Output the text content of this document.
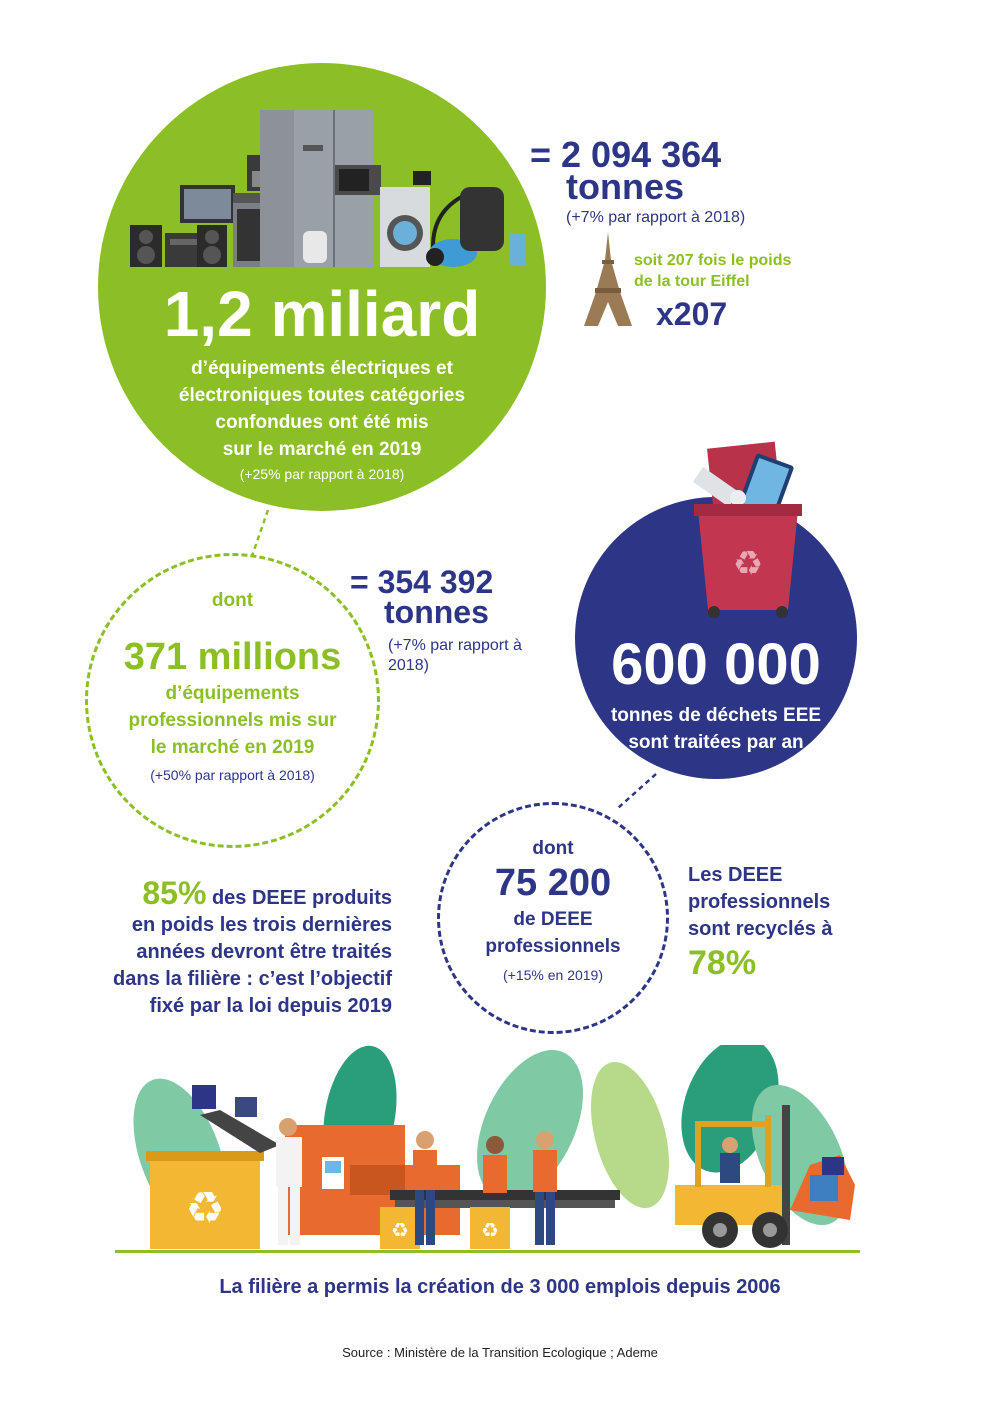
1,2 miliard
d’équipements électriques et
électroniques toutes catégories
confondues ont été mis
sur le marché en 2019
(+25% par rapport à 2018)
= 2 094 364
tonnes
(+7% par rapport à 2018)
soit 207 fois le poids
de la tour Eiffel
x207
dont
371 millions
d’équipements
professionnels mis sur
le marché en 2019
(+50% par rapport à 2018)
= 354 392
tonnes
(+7% par rapport à
2018)
♻
600 000
tonnes de déchets EEE
sont traitées par an
dont
75 200
de DEEE
professionnels
(+15% en 2019)
85% des DEEE produits
en poids les trois dernières
années devront être traités
dans la filière : c’est l’objectif
fixé par la loi depuis 2019
Les DEEE
professionnels
sont recyclés à
78%
♻	♻	♻
La filière a permis la création de 3 000 emplois depuis 2006
Source : Ministère de la Transition Ecologique ; Ademe
